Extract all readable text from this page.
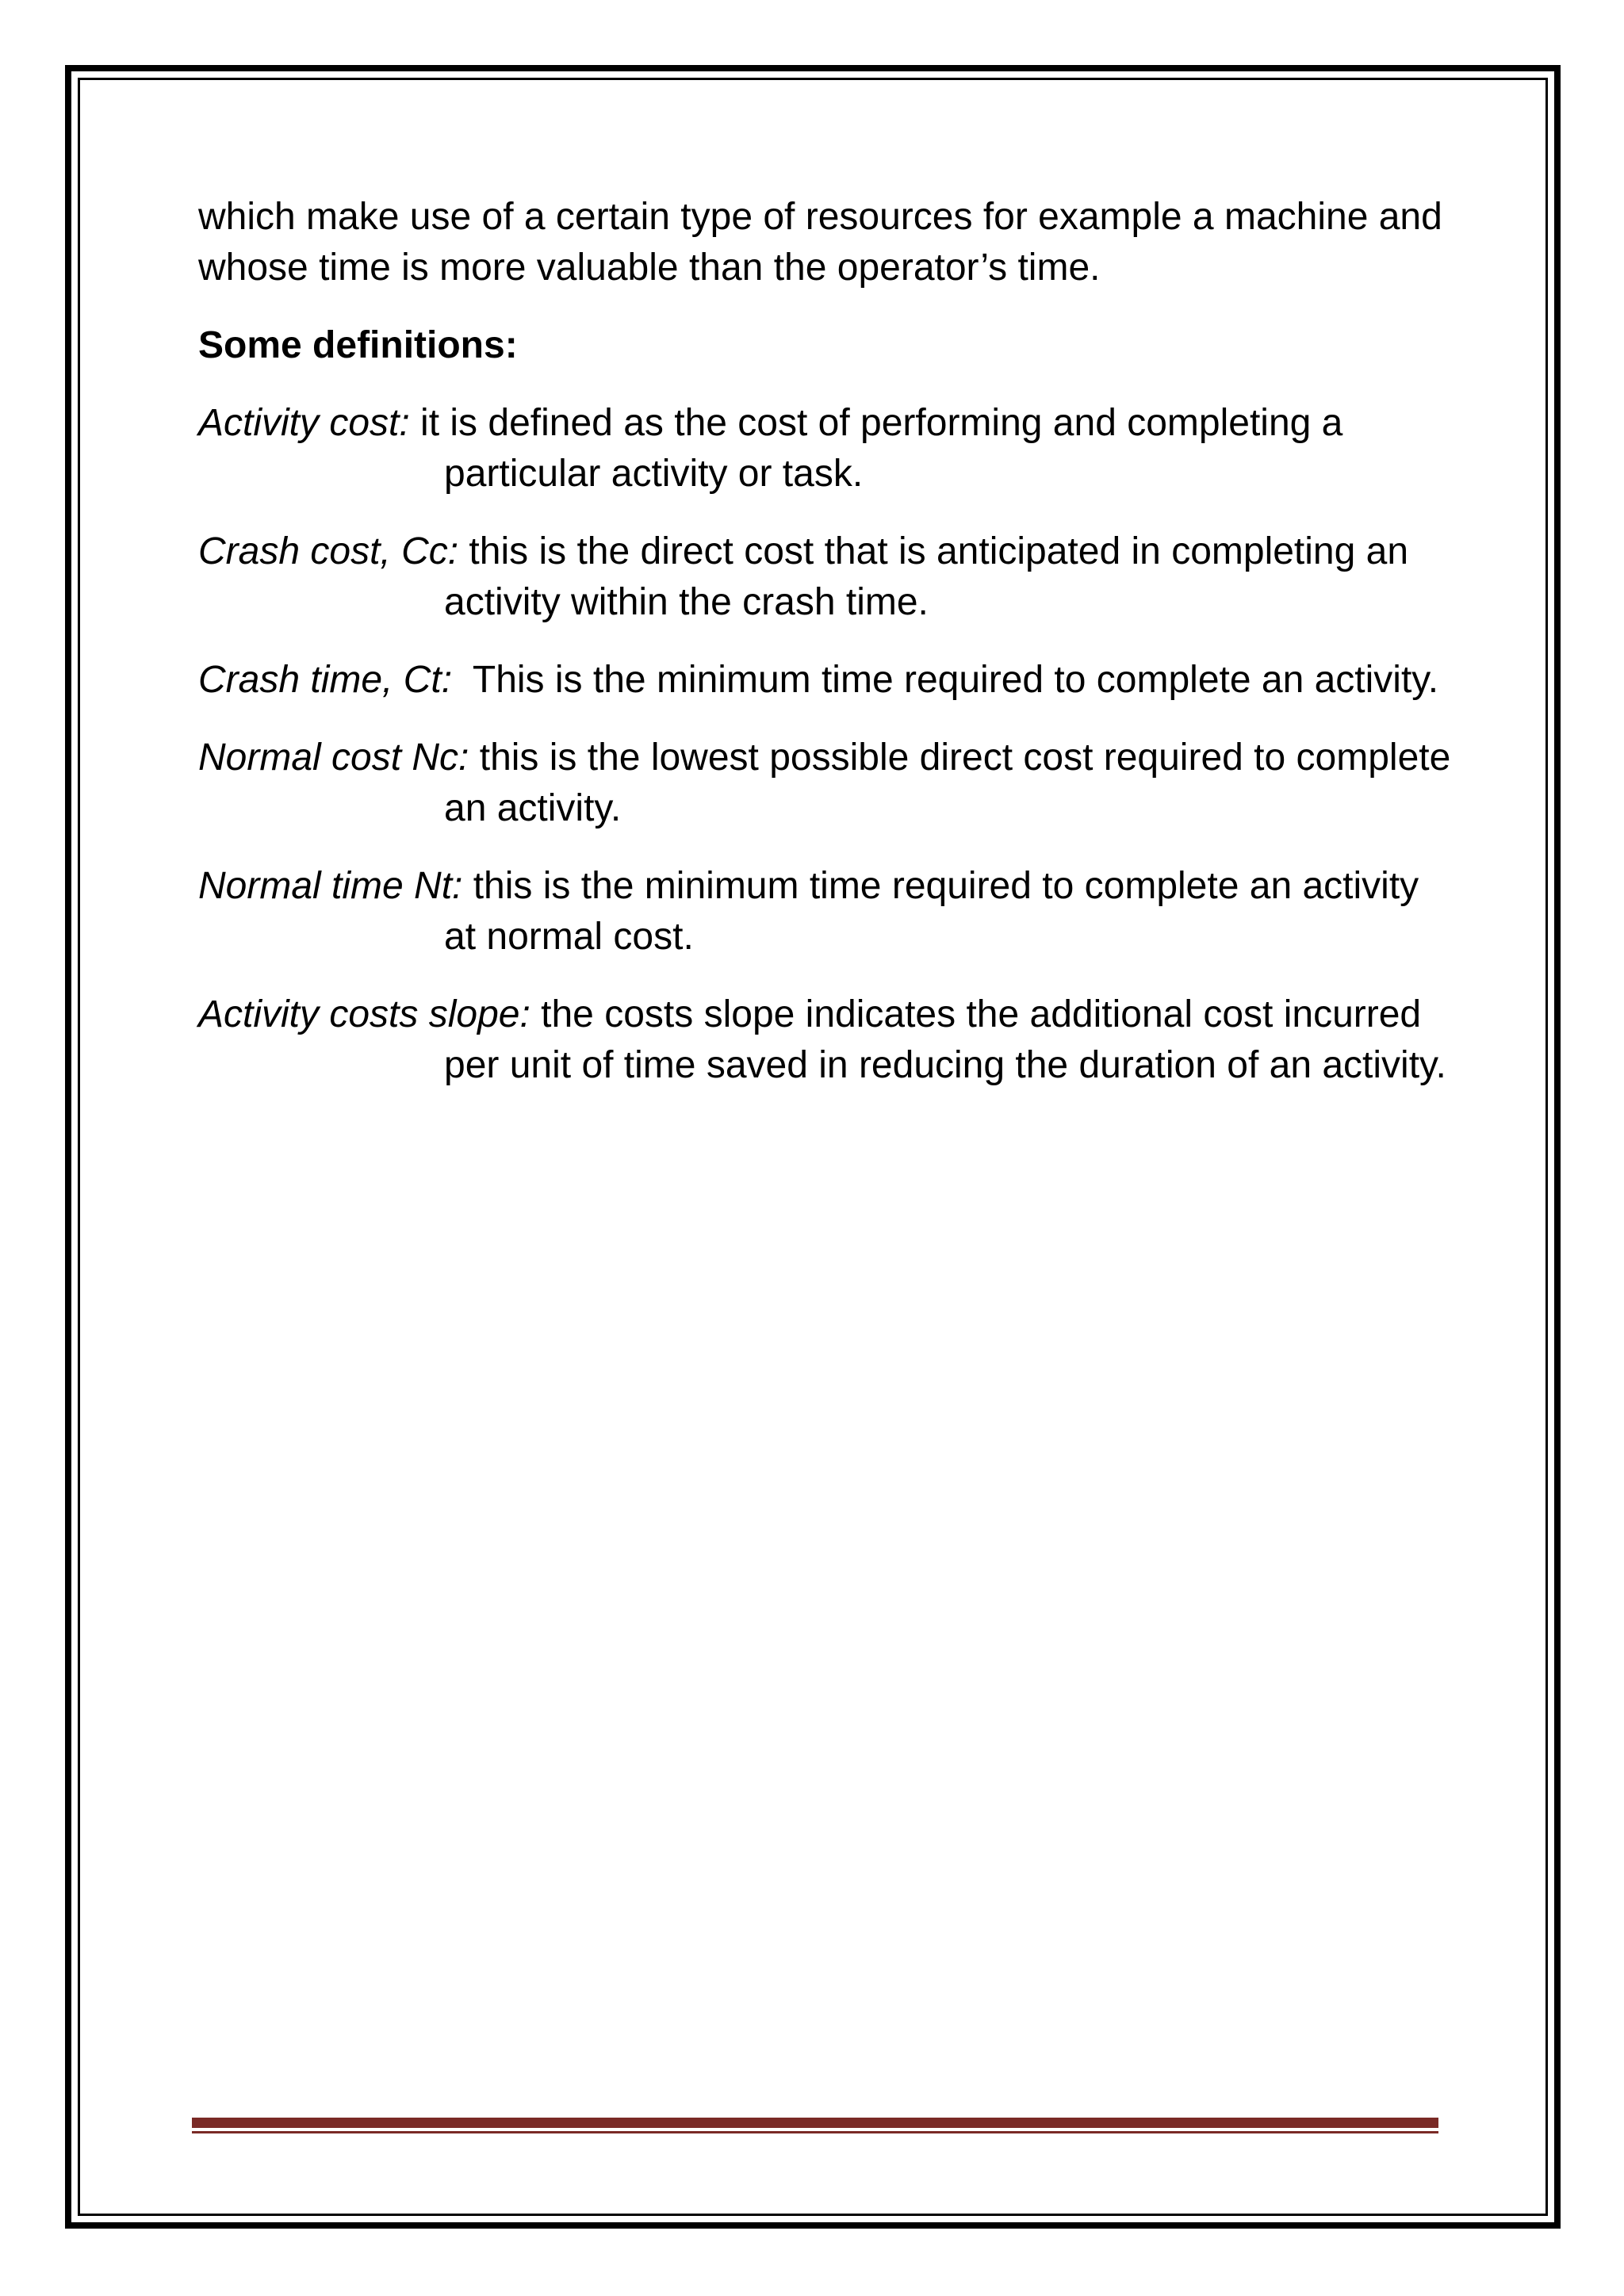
which make use of a certain type of resources for example a machine and whose time is more valuable than the operator’s time.

Some definitions:

Activity cost: it is defined as the cost of performing and completing a particular activity or task.

Crash cost, Cc: this is the direct cost that is anticipated in completing an activity within the crash time.

Crash time, Ct:  This is the minimum time required to complete an activity.

Normal cost Nc: this is the lowest possible direct cost required to complete an activity.

Normal time Nt: this is the minimum time required to complete an activity at normal cost.

Activity costs slope: the costs slope indicates the additional cost incurred per unit of time saved in reducing the duration of an activity.
